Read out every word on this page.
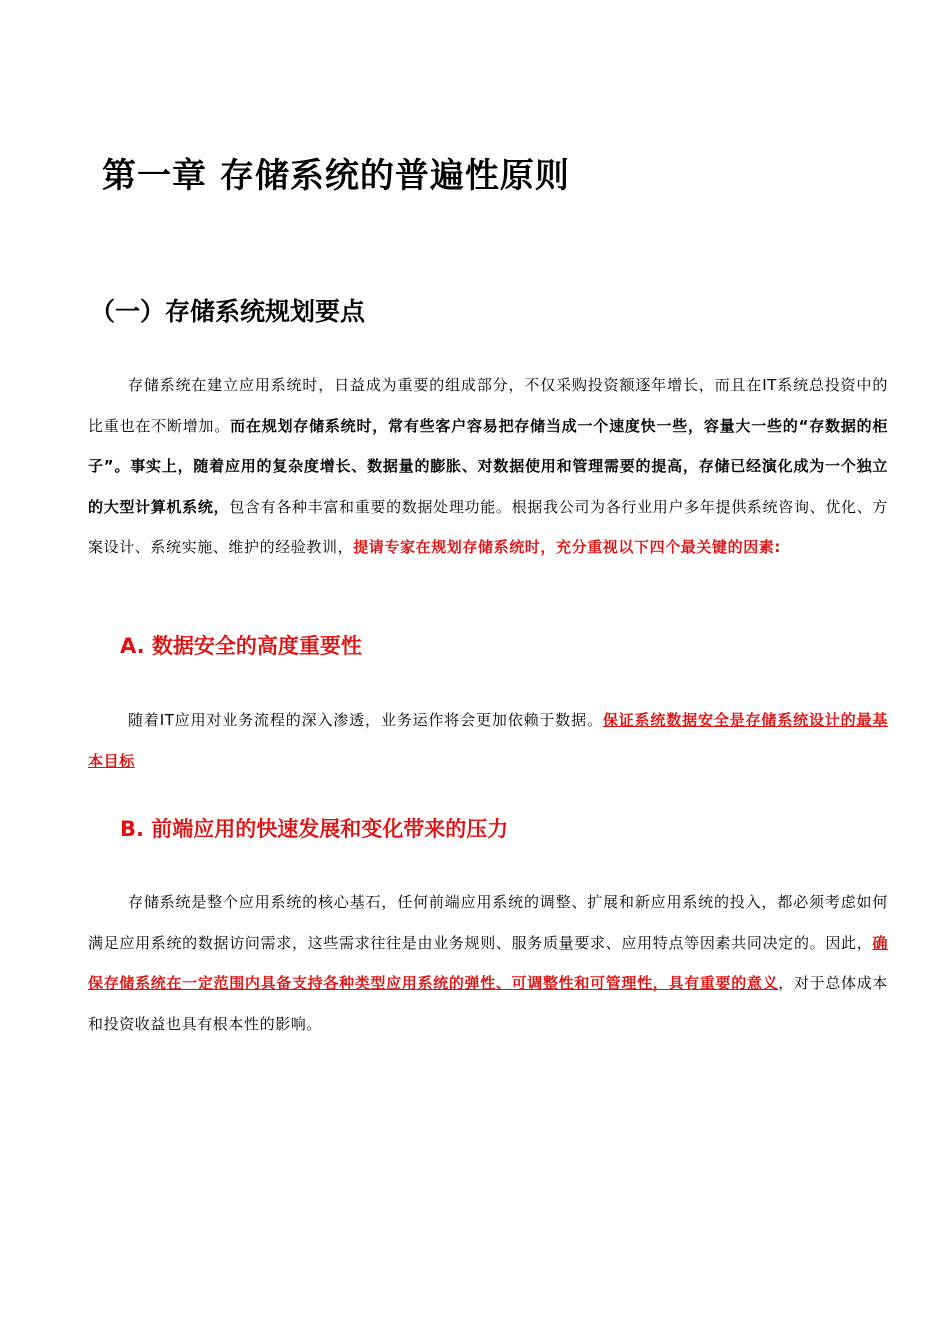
第一章 存储系统的普遍性原则
（一）存储系统规划要点

存储系统在建立应用系统时，日益成为重要的组成部分，不仅采购投资额逐年增长，而且在IT系统总投资中的比重也在不断增加。而在规划存储系统时，常有些客户容易把存储当成一个速度快一些，容量大一些的“存数据的柜子”。事实上，随着应用的复杂度增长、数据量的膨胀、对数据使用和管理需要的提高，存储已经演化成为一个独立的大型计算机系统，包含有各种丰富和重要的数据处理功能。根据我公司为各行业用户多年提供系统咨询、优化、方案设计、系统实施、维护的经验教训，提请专家在规划存储系统时，充分重视以下四个最关键的因素:

A. 数据安全的高度重要性

随着IT应用对业务流程的深入渗透，业务运作将会更加依赖于数据。保证系统数据安全是存储系统设计的最基本目标

B. 前端应用的快速发展和变化带来的压力

存储系统是整个应用系统的核心基石，任何前端应用系统的调整、扩展和新应用系统的投入，都必须考虑如何满足应用系统的数据访问需求，这些需求往往是由业务规则、服务质量要求、应用特点等因素共同决定的。因此，确保存储系统在一定范围内具备支持各种类型应用系统的弹性、可调整性和可管理性，具有重要的意义，对于总体成本和投资收益也具有根本性的影响。
